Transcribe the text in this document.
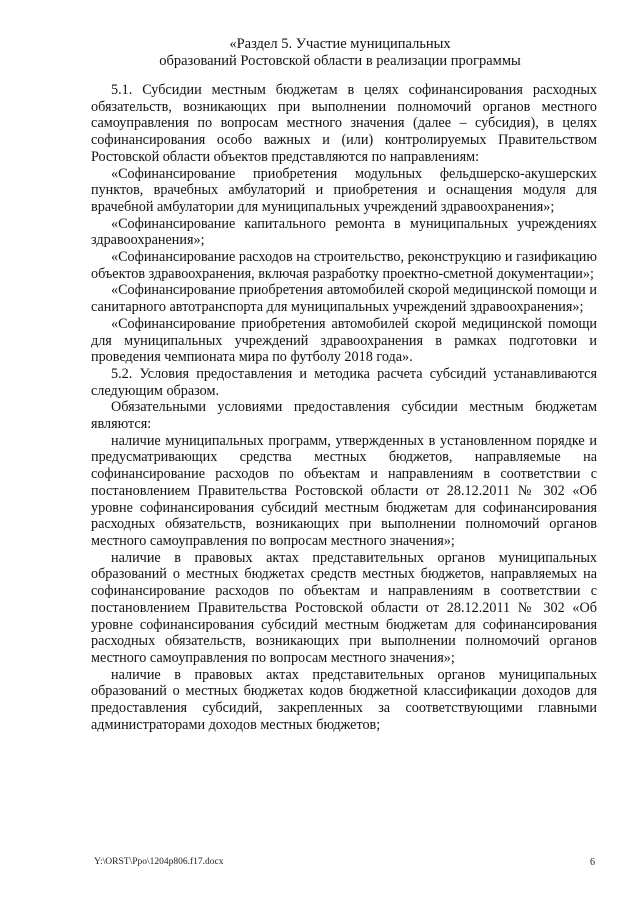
«Раздел 5. Участие муниципальных
образований Ростовской области в реализации программы

5.1. Субсидии местным бюджетам в целях софинансирования расходных обязательств, возникающих при выполнении полномочий органов местного самоуправления по вопросам местного значения (далее – субсидия), в целях софинансирования особо важных и (или) контролируемых Правительством Ростовской области объектов представляются по направлениям:

«Софинансирование приобретения модульных фельдшерско-акушерских пунктов, врачебных амбулаторий и приобретения и оснащения модуля для врачебной амбулатории для муниципальных учреждений здравоохранения»;

«Софинансирование капитального ремонта в муниципальных учреждениях здравоохранения»;

«Софинансирование расходов на строительство, реконструкцию и газификацию объектов здравоохранения, включая разработку проектно-сметной документации»;

«Софинансирование приобретения автомобилей скорой медицинской помощи и санитарного автотранспорта для муниципальных учреждений здравоохранения»;

«Софинансирование приобретения автомобилей скорой медицинской помощи для муниципальных учреждений здравоохранения в рамках подготовки и проведения чемпионата мира по футболу 2018 года».

5.2. Условия предоставления и методика расчета субсидий устанавливаются следующим образом.

Обязательными условиями предоставления субсидии местным бюджетам являются:

наличие муниципальных программ, утвержденных в установленном порядке и предусматривающих средства местных бюджетов, направляемые на софинансирование расходов по объектам и направлениям в соответствии с постановлением Правительства Ростовской области от 28.12.2011 № 302 «Об уровне софинансирования субсидий местным бюджетам для софинансирования расходных обязательств, возникающих при выполнении полномочий органов местного самоуправления по вопросам местного значения»;

наличие в правовых актах представительных органов муниципальных образований о местных бюджетах средств местных бюджетов, направляемых на софинансирование расходов по объектам и направлениям в соответствии с постановлением Правительства Ростовской области от 28.12.2011 № 302 «Об уровне софинансирования субсидий местным бюджетам для софинансирования расходных обязательств, возникающих при выполнении полномочий органов местного самоуправления по вопросам местного значения»;

наличие в правовых актах представительных органов муниципальных образований о местных бюджетах кодов бюджетной классификации доходов для предоставления субсидий, закрепленных за соответствующими главными администраторами доходов местных бюджетов;

Y:\ORST\Ppo\1204p806.f17.docx	6
